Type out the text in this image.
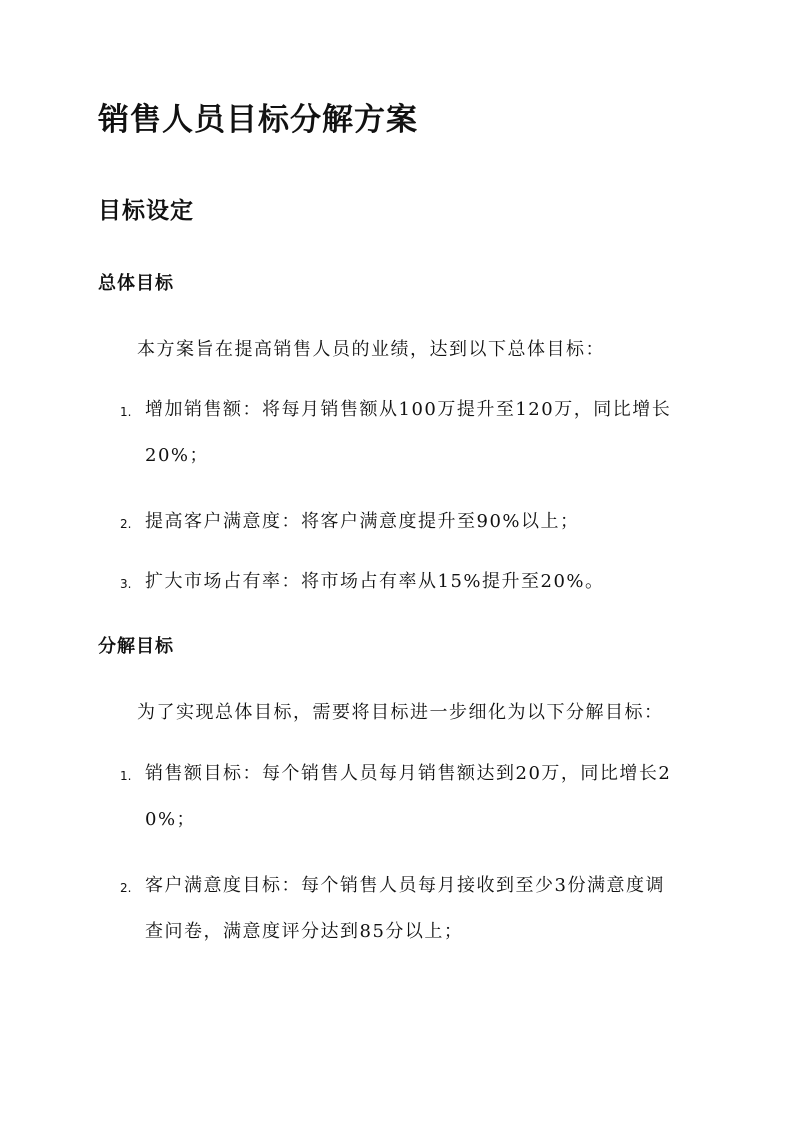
销售人员目标分解方案
目标设定
总体目标

本方案旨在提高销售人员的业绩，达到以下总体目标：

1. 增加销售额：将每月销售额从100万提升至120万，同比增长
20%；
2. 提高客户满意度：将客户满意度提升至90%以上；
3. 扩大市场占有率：将市场占有率从15%提升至20%。
分解目标

为了实现总体目标，需要将目标进一步细化为以下分解目标：

1. 销售额目标：每个销售人员每月销售额达到20万，同比增长2
0%；
2. 客户满意度目标：每个销售人员每月接收到至少3份满意度调
查问卷，满意度评分达到85分以上；
